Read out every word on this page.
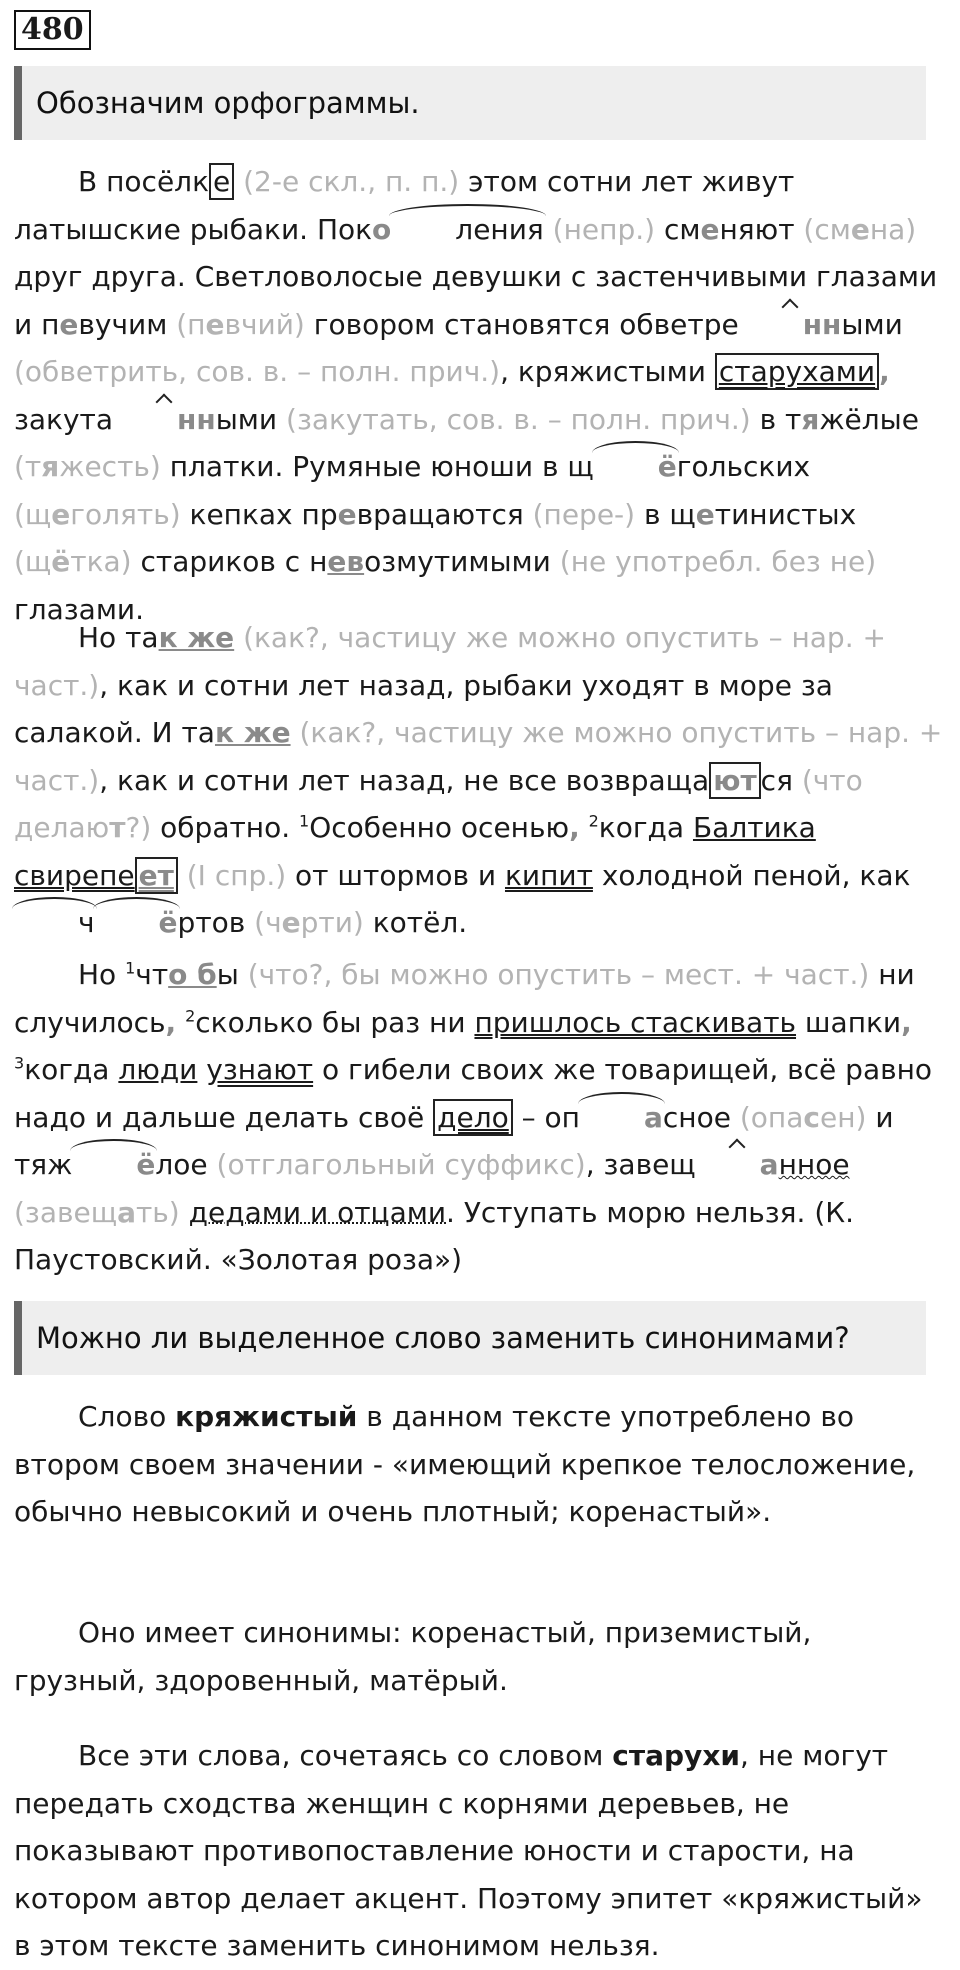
480
Обозначим орфограммы.

В посёлк е (2-е скл., п. п.) этом сотни лет живут латышские рыбаки. Поко ления (непр.) сменяют (смена) друг друга. Светловолосые девушки с застенчивыми глазами и певучим (певчий) говором становятся обветре нными (обветрить, сов. в. – полн. прич.), кряжистыми старухами , закута нными (закутать, сов. в. – полн. прич.) в тяжёлые (тяжесть) платки. Румяные юноши в щ ёгольских (щеголять) кепках превращаются (пере-) в щетинистых (щётка) стариков с невозмутимыми (не употребл. без не) глазами.

Но так же (как?, частицу же можно опустить – нар. + част.), как и сотни лет назад, рыбаки уходят в море за салакой. И так же (как?, частицу же можно опустить – нар. + част.), как и сотни лет назад, не все возвраща ют ся (что делают?) обратно. $^1$Особенно осенью, $^2$когда Балтика свирепе ет (I спр.) от штормов и кипит холодной пеной, как ч ёртов (черти) котёл.

Но $^1$что бы (что?, бы можно опустить – мест. + част.) ни случилось, $^2$сколько бы раз ни пришлось стаскивать шапки, $^3$когда люди узнают о гибели своих же товарищей, всё равно надо и дальше делать своё дело – оп асное (опасен) и тяж ёлое (отглагольный суффикс), завещ анное (завещать) дедами и отцами. Уступать морю нельзя. (К. Паустовский. «Золотая роза»)

Можно ли выделенное слово заменить синонимами?

Слово кряжистый в данном тексте употреблено во втором своем значении - «имеющий крепкое телосложение, обычно невысокий и очень плотный; коренастый».

Оно имеет синонимы: коренастый, приземистый, грузный, здоровенный, матёрый.

Все эти слова, сочетаясь со словом старухи, не могут передать сходства женщин с корнями деревьев, не показывают противопоставление юности и старости, на котором автор делает акцент. Поэтому эпитет «кряжистый» в этом тексте заменить синонимом нельзя.
